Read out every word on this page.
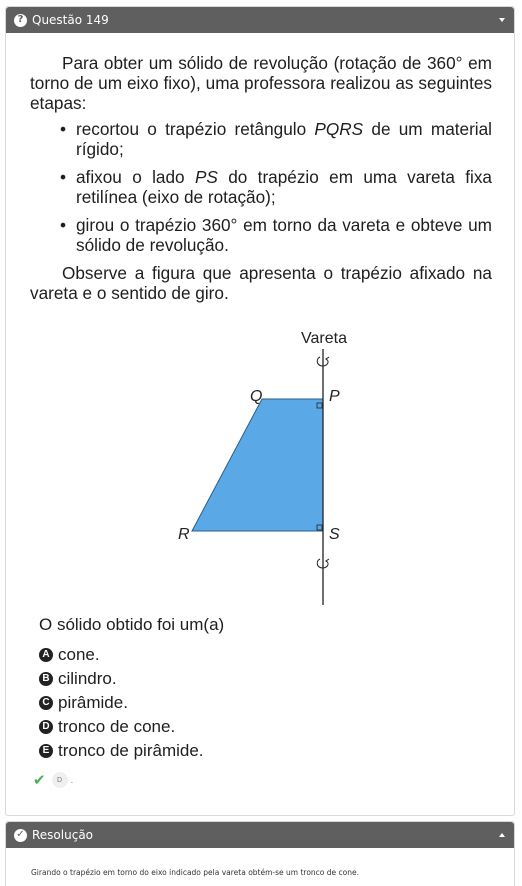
? Questão 149

Para obter um sólido de revolução (rotação de 360° em torno de um eixo fixo), uma professora realizou as seguintes etapas:

• recortou o trapézio retângulo PQRS de um material rígido;
• afixou o lado PS do trapézio em uma vareta fixa retilínea (eixo de rotação);
• girou o trapézio 360° em torno da vareta e obteve um sólido de revolução.

Observe a figura que apresenta o trapézio afixado na vareta e o sentido de giro.

Vareta
Q	P
R	S
O sólido obtido foi um(a)
A cone.
B cilindro.
C pirâmide.
D tronco de cone.
E tronco de pirâmide.
✔	D .
✓ Resolução
Girando o trapézio em torno do eixo indicado pela vareta obtém-se um tronco de cone.
